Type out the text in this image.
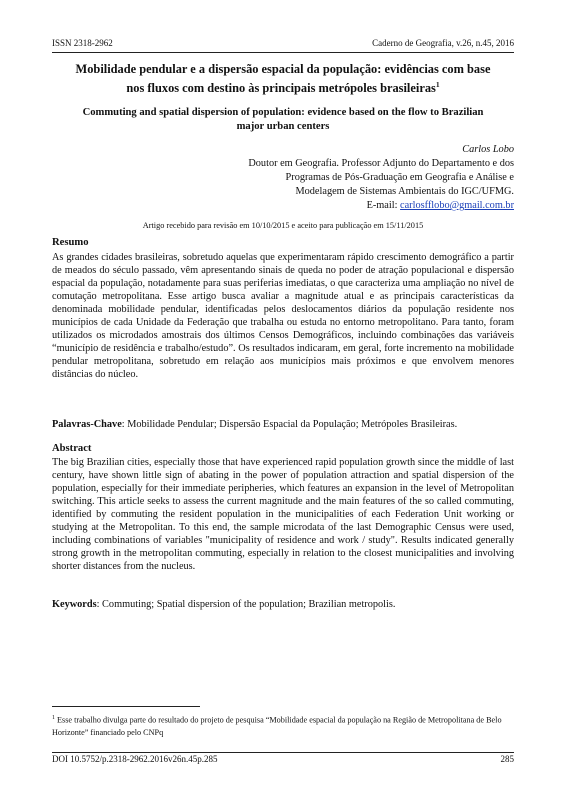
ISSN 2318-2962	Caderno de Geografia, v.26, n.45, 2016
Mobilidade pendular e a dispersão espacial da população: evidências com base nos fluxos com destino às principais metrópoles brasileiras$^1$
Commuting and spatial dispersion of population: evidence based on the flow to Brazilian major urban centers
Carlos Lobo
Doutor em Geografia. Professor Adjunto do Departamento e dos
Programas de Pós-Graduação em Geografia e Análise e
Modelagem de Sistemas Ambientais do IGC/UFMG.
E-mail: carlosfflobo@gmail.com.br
Artigo recebido para revisão em 10/10/2015 e aceito para publicação em 15/11/2015
Resumo
As grandes cidades brasileiras, sobretudo aquelas que experimentaram rápido crescimento demográfico a partir de meados do século passado, vêm apresentando sinais de queda no poder de atração populacional e dispersão espacial da população, notadamente para suas periferias imediatas, o que caracteriza uma ampliação no nível de comutação metropolitana. Esse artigo busca avaliar a magnitude atual e as principais características da denominada mobilidade pendular, identificadas pelos deslocamentos diários da população residente nos municípios de cada Unidade da Federação que trabalha ou estuda no entorno metropolitano. Para tanto, foram utilizados os microdados amostrais dos últimos Censos Demográficos, incluindo combinações das variáveis “município de residência e trabalho/estudo”. Os resultados indicaram, em geral, forte incremento na mobilidade pendular metropolitana, sobretudo em relação aos municípios mais próximos e que envolvem menores distâncias do núcleo.
Palavras-Chave: Mobilidade Pendular; Dispersão Espacial da População; Metrópoles Brasileiras.
Abstract
The big Brazilian cities, especially those that have experienced rapid population growth since the middle of last century, have shown little sign of abating in the power of population attraction and spatial dispersion of the population, especially for their immediate peripheries, which features an expansion in the level of Metropolitan switching. This article seeks to assess the current magnitude and the main features of the so called commuting, identified by commuting the resident population in the municipalities of each Federation Unit working or studying at the Metropolitan. To this end, the sample microdata of the last Demographic Census were used, including combinations of variables "municipality of residence and work / study". Results indicated generally strong growth in the metropolitan commuting, especially in relation to the closest municipalities and involving shorter distances from the nucleus.
Keywords: Commuting; Spatial dispersion of the population; Brazilian metropolis.
$^1$ Esse trabalho divulga parte do resultado do projeto de pesquisa “Mobilidade espacial da população na Região de Metropolitana de Belo Horizonte” financiado pelo CNPq
DOI 10.5752/p.2318-2962.2016v26n.45p.285	285
